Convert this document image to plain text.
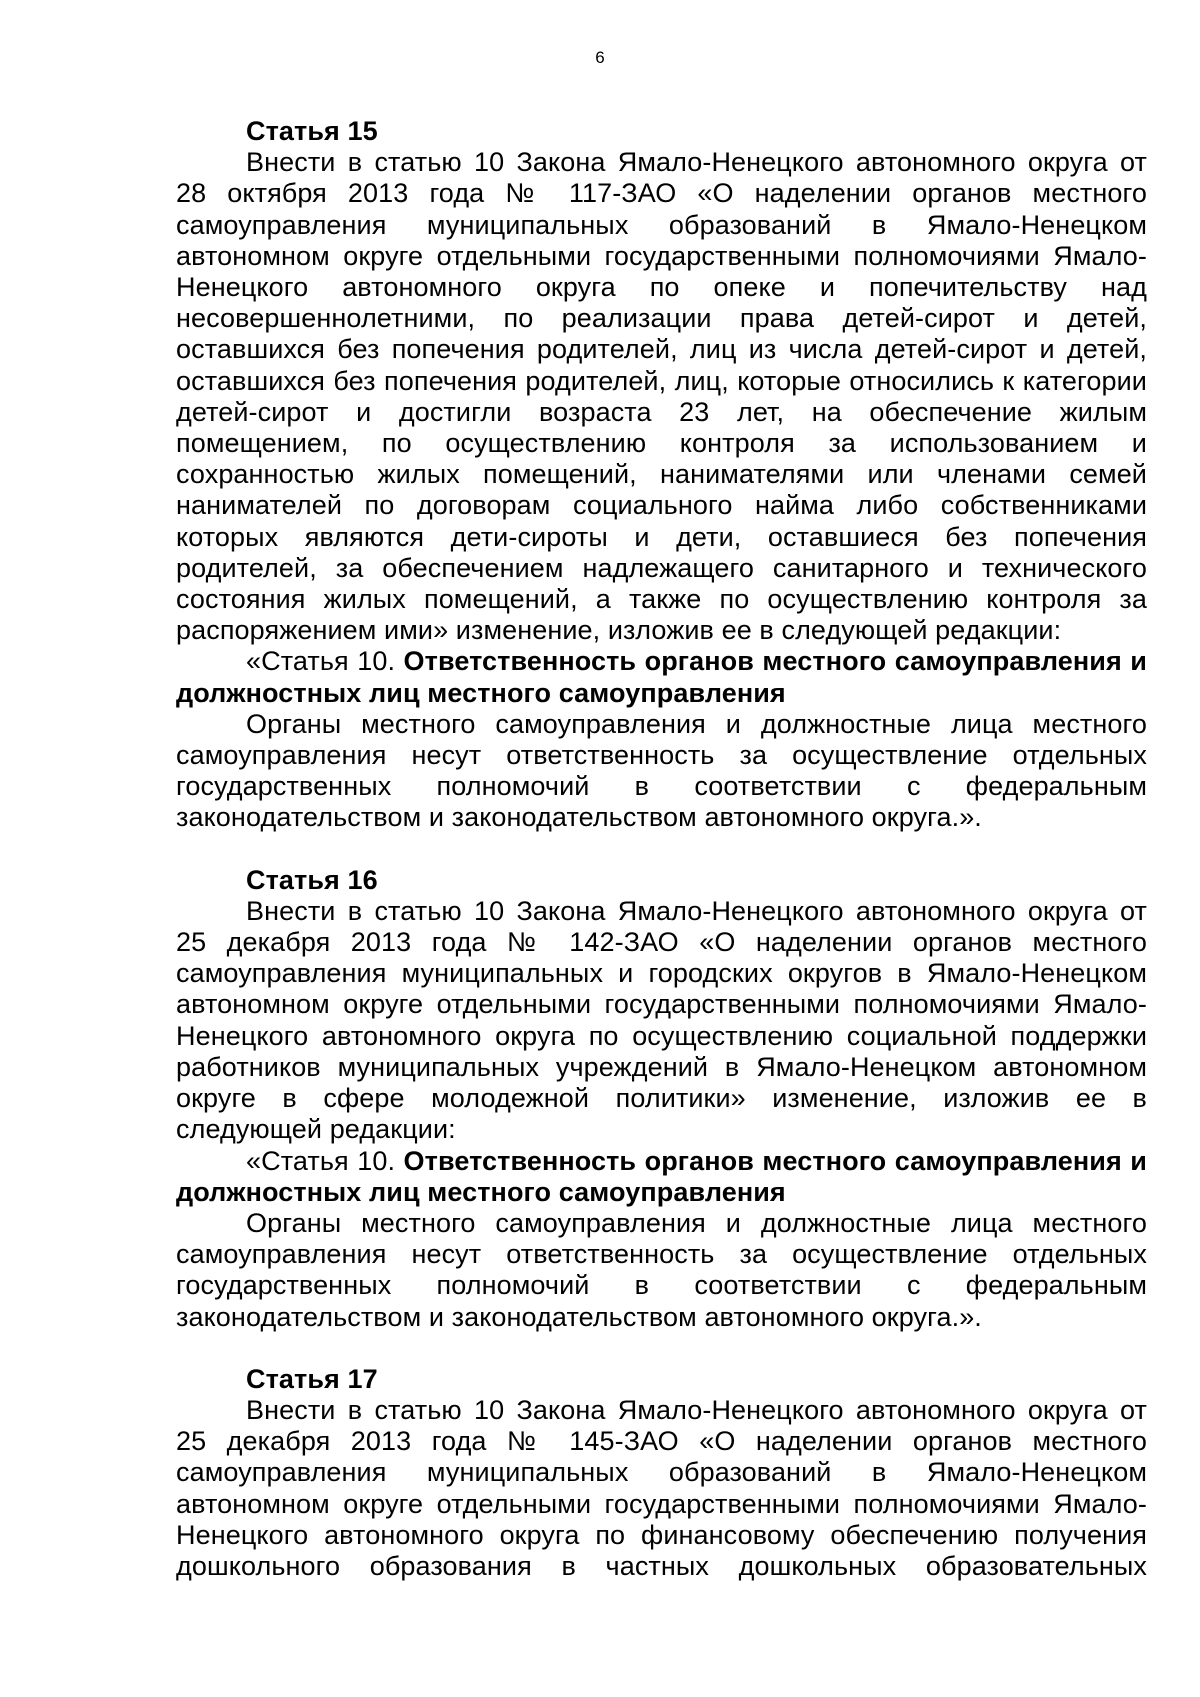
6

Статья 15

Внести в статью 10 Закона Ямало-Ненецкого автономного округа от 28 октября 2013 года № 117-ЗАО «О наделении органов местного самоуправления муниципальных образований в Ямало-Ненецком автономном округе отдельными государственными полномочиями Ямало-Ненецкого автономного округа по опеке и попечительству над несовершеннолетними, по реализации права детей-сирот и детей, оставшихся без попечения родителей, лиц из числа детей-сирот и детей, оставшихся без попечения родителей, лиц, которые относились к категории детей-сирот и достигли возраста 23 лет, на обеспечение жилым помещением, по осуществлению контроля за использованием и сохранностью жилых помещений, нанимателями или членами семей нанимателей по договорам социального найма либо собственниками которых являются дети-сироты и дети, оставшиеся без попечения родителей, за обеспечением надлежащего санитарного и технического состояния жилых помещений, а также по осуществлению контроля за распоряжением ими» изменение, изложив ее в следующей редакции:

«Статья 10. Ответственность органов местного самоуправления и должностных лиц местного самоуправления

Органы местного самоуправления и должностные лица местного самоуправления несут ответственность за осуществление отдельных государственных полномочий в соответствии с федеральным законодательством и законодательством автономного округа.».

Статья 16

Внести в статью 10 Закона Ямало-Ненецкого автономного округа от 25 декабря 2013 года № 142-ЗАО «О наделении органов местного самоуправления муниципальных и городских округов в Ямало-Ненецком автономном округе отдельными государственными полномочиями Ямало-Ненецкого автономного округа по осуществлению социальной поддержки работников муниципальных учреждений в Ямало-Ненецком автономном округе в сфере молодежной политики» изменение, изложив ее в следующей редакции:

«Статья 10. Ответственность органов местного самоуправления и должностных лиц местного самоуправления

Органы местного самоуправления и должностные лица местного самоуправления несут ответственность за осуществление отдельных государственных полномочий в соответствии с федеральным законодательством и законодательством автономного округа.».

Статья 17

Внести в статью 10 Закона Ямало-Ненецкого автономного округа от 25 декабря 2013 года № 145-ЗАО «О наделении органов местного самоуправления муниципальных образований в Ямало-Ненецком автономном округе отдельными государственными полномочиями Ямало-Ненецкого автономного округа по финансовому обеспечению получения дошкольного образования в частных дошкольных образовательных
